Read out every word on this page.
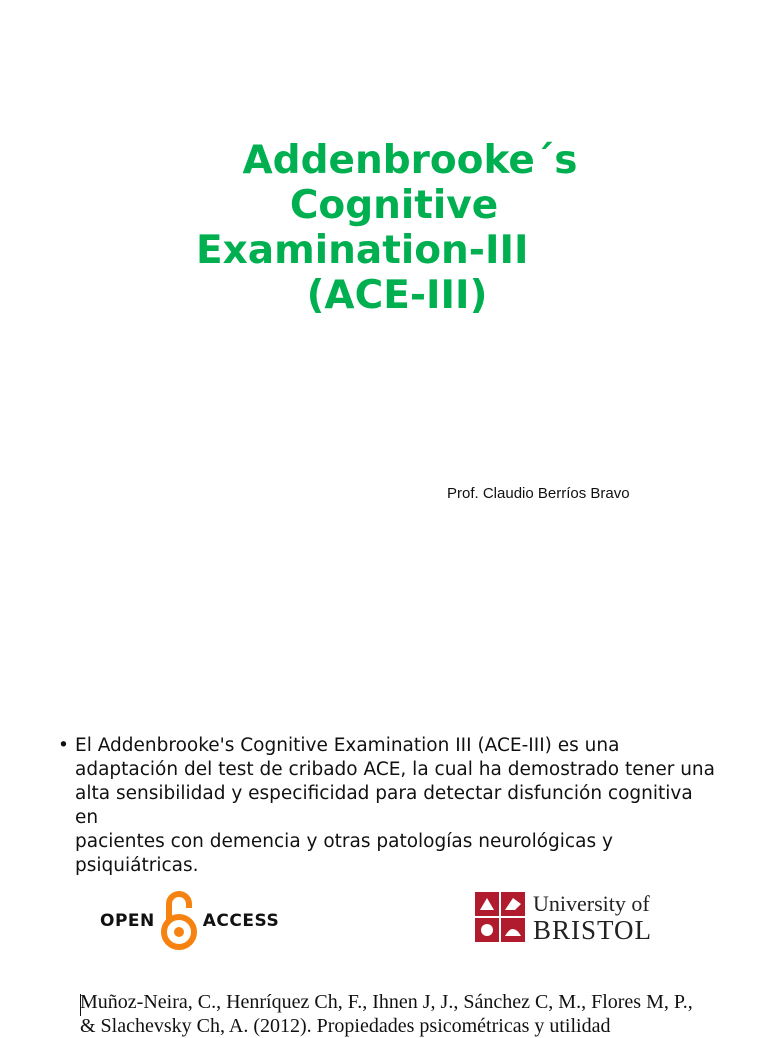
Addenbrooke´s
Cognitive
Examination-III
(ACE-III)
Prof. Claudio Berríos Bravo
• El Addenbrooke's Cognitive Examination III (ACE-III) es una
adaptación del test de cribado ACE, la cual ha demostrado tener una
alta sensibilidad y especificidad para detectar disfunción cognitiva en
pacientes con demencia y otras patologías neurológicas y
psiquiátricas.
OPEN	ACCESS
University of
BRISTOL
Muñoz-Neira, C., Henríquez Ch, F., Ihnen J, J., Sánchez C, M., Flores M, P.,
& Slachevsky Ch, A. (2012). Propiedades psicométricas y utilidad
